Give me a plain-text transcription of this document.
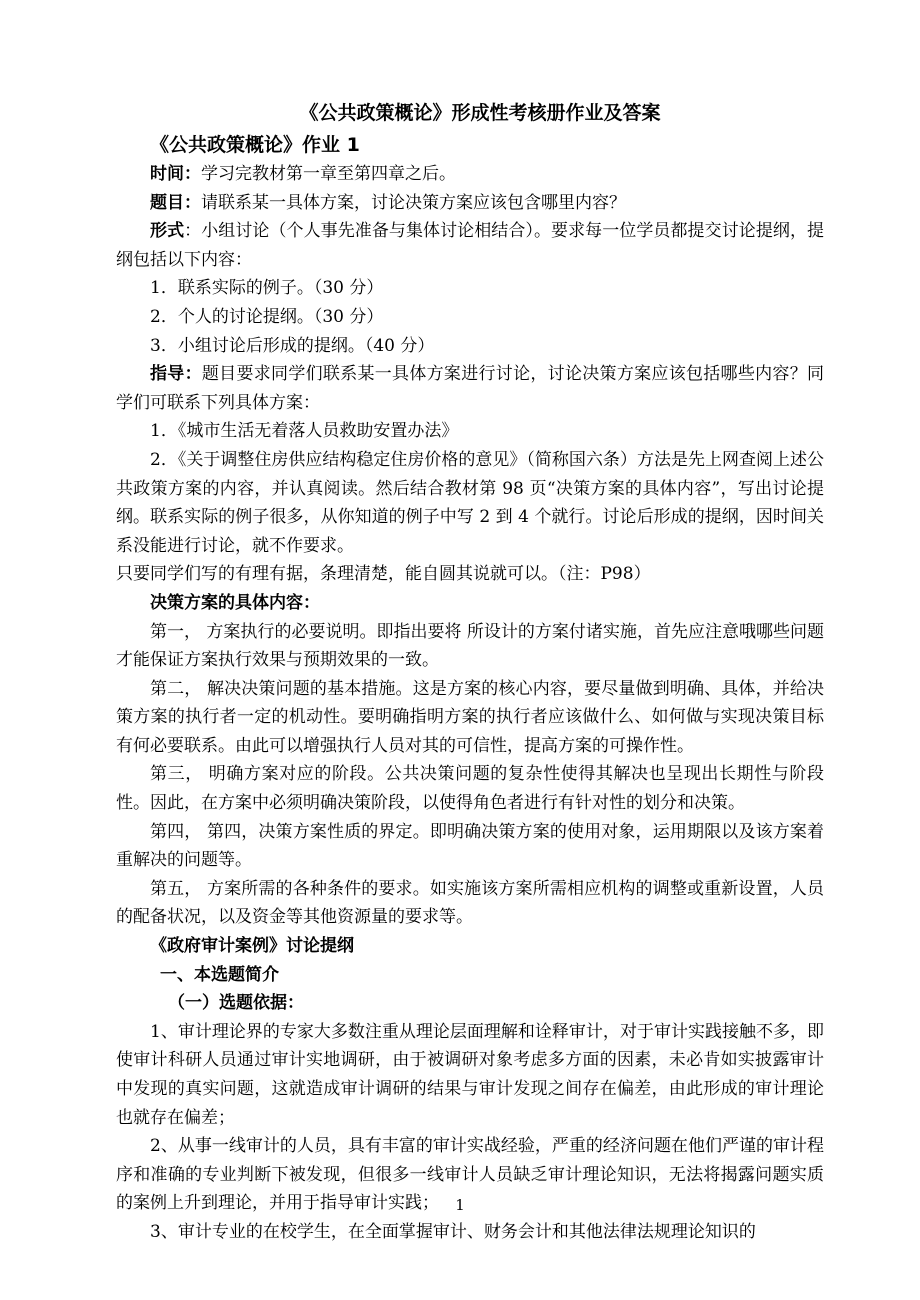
《公共政策概论》形成性考核册作业及答案

《公共政策概论》作业 1

时间：学习完教材第一章至第四章之后。

题目：请联系某一具体方案，讨论决策方案应该包含哪里内容？

形式：小组讨论（个人事先准备与集体讨论相结合）。要求每一位学员都提交讨论提纲，提纲包括以下内容：

1．联系实际的例子。（30 分）

2．个人的讨论提纲。（30 分）

3．小组讨论后形成的提纲。（40 分）

指导：题目要求同学们联系某一具体方案进行讨论，讨论决策方案应该包括哪些内容？同学们可联系下列具体方案：

1．《城市生活无着落人员救助安置办法》

2．《关于调整住房供应结构稳定住房价格的意见》（简称国六条）方法是先上网查阅上述公共政策方案的内容，并认真阅读。然后结合教材第 98 页“决策方案的具体内容”，写出讨论提纲。联系实际的例子很多，从你知道的例子中写 2 到 4 个就行。讨论后形成的提纲，因时间关系没能进行讨论，就不作要求。

只要同学们写的有理有据，条理清楚，能自圆其说就可以。（注：P98）

决策方案的具体内容：

第一， 方案执行的必要说明。即指出要将 所设计的方案付诸实施，首先应注意哦哪些问题才能保证方案执行效果与预期效果的一致。

第二， 解决决策问题的基本措施。这是方案的核心内容，要尽量做到明确、具体，并给决策方案的执行者一定的机动性。要明确指明方案的执行者应该做什么、如何做与实现决策目标有何必要联系。由此可以增强执行人员对其的可信性，提高方案的可操作性。

第三， 明确方案对应的阶段。公共决策问题的复杂性使得其解决也呈现出长期性与阶段性。因此，在方案中必须明确决策阶段，以使得角色者进行有针对性的划分和决策。

第四， 第四，决策方案性质的界定。即明确决策方案的使用对象，运用期限以及该方案着重解决的问题等。

第五， 方案所需的各种条件的要求。如实施该方案所需相应机构的调整或重新设置，人员的配备状况，以及资金等其他资源量的要求等。

《政府审计案例》讨论提纲

一、本选题简介

（一）选题依据：

1、审计理论界的专家大多数注重从理论层面理解和诠释审计，对于审计实践接触不多，即使审计科研人员通过审计实地调研，由于被调研对象考虑多方面的因素，未必肯如实披露审计中发现的真实问题，这就造成审计调研的结果与审计发现之间存在偏差，由此形成的审计理论也就存在偏差；

2、从事一线审计的人员，具有丰富的审计实战经验，严重的经济问题在他们严谨的审计程序和准确的专业判断下被发现，但很多一线审计人员缺乏审计理论知识，无法将揭露问题实质的案例上升到理论，并用于指导审计实践；

3、审计专业的在校学生，在全面掌握审计、财务会计和其他法律法规理论知识的

1
